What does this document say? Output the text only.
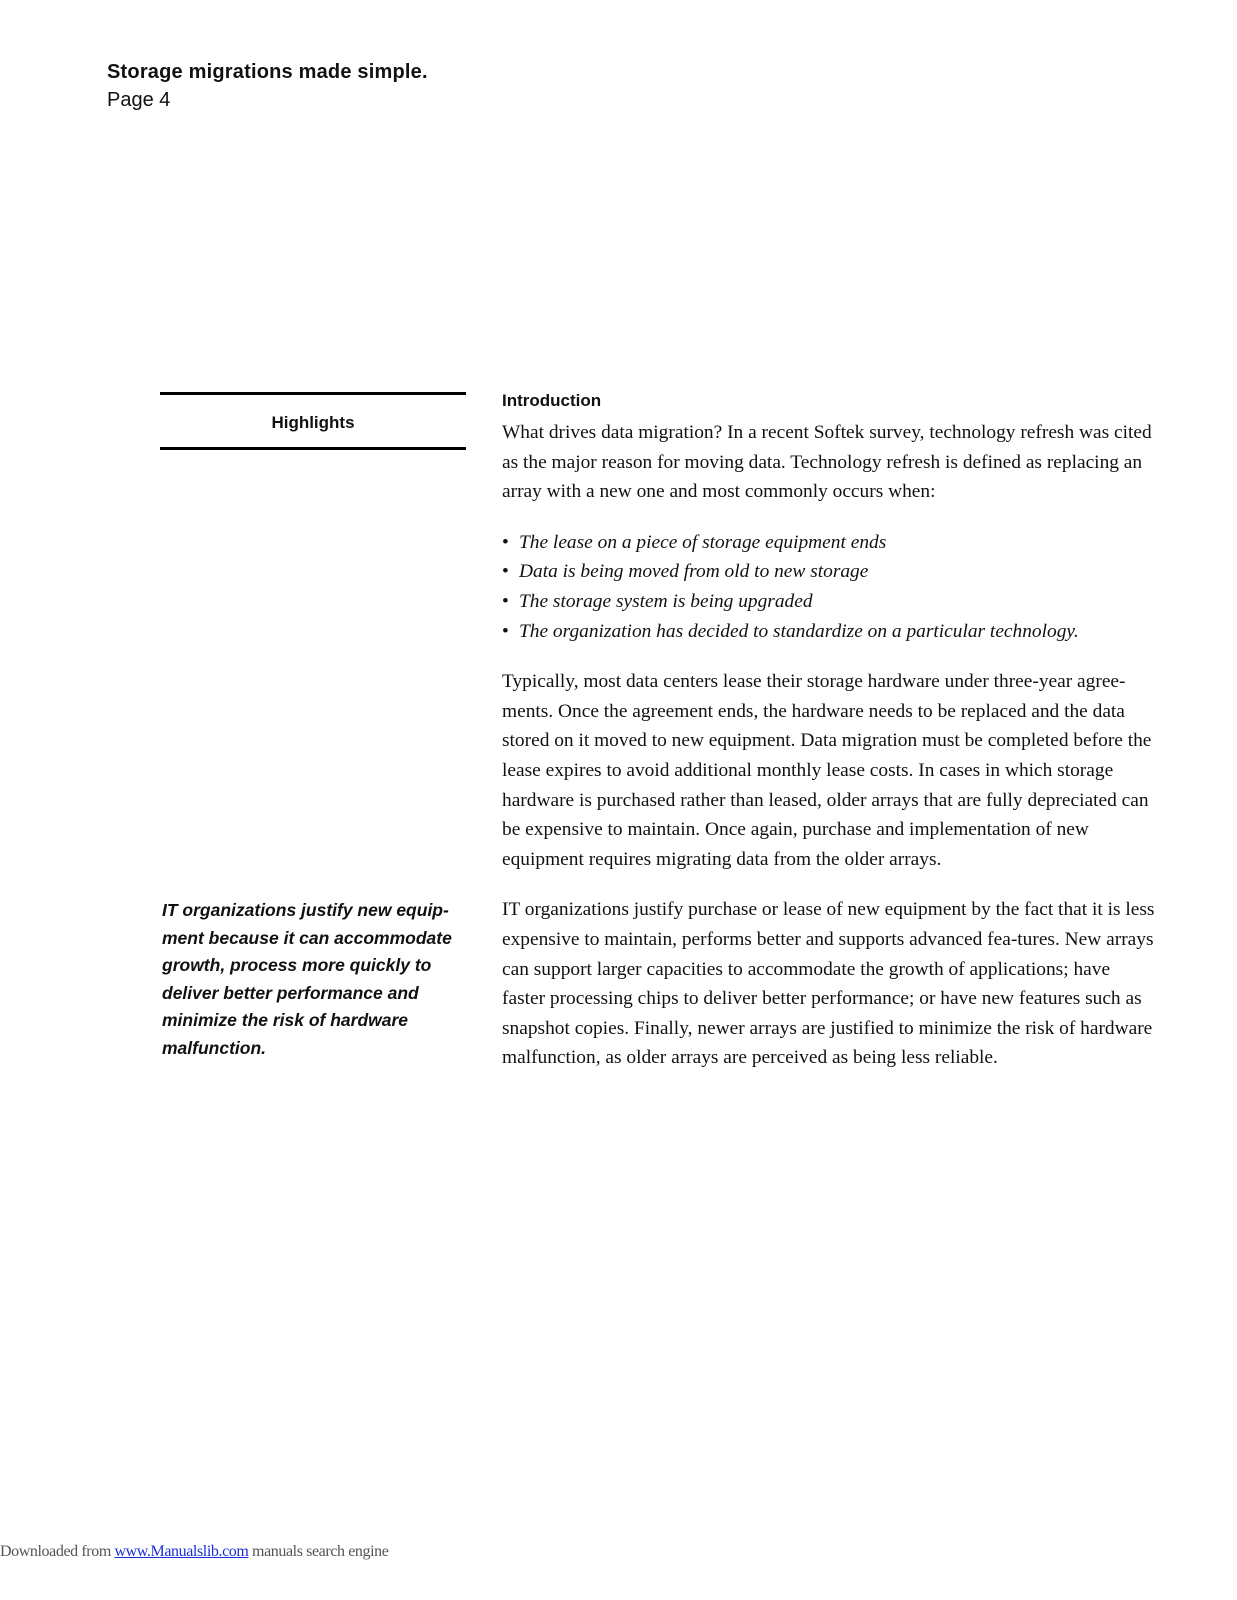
Storage migrations made simple.
Page 4
Highlights
IT organizations justify new equip-ment because it can accommodate growth, process more quickly to deliver better performance and minimize the risk of hardware malfunction.
Introduction

What drives data migration? In a recent Softek survey, technology refresh was cited as the major reason for moving data. Technology refresh is defined as replacing an array with a new one and most commonly occurs when:

• The lease on a piece of storage equipment ends
• Data is being moved from old to new storage
• The storage system is being upgraded
• The organization has decided to standardize on a particular technology.

Typically, most data centers lease their storage hardware under three-year agree-ments. Once the agreement ends, the hardware needs to be replaced and the data stored on it moved to new equipment. Data migration must be completed before the lease expires to avoid additional monthly lease costs. In cases in which storage hardware is purchased rather than leased, older arrays that are fully depreciated can be expensive to maintain. Once again, purchase and implementation of new equipment requires migrating data from the older arrays.

IT organizations justify purchase or lease of new equipment by the fact that it is less expensive to maintain, performs better and supports advanced fea-tures. New arrays can support larger capacities to accommodate the growth of applications; have faster processing chips to deliver better performance; or have new features such as snapshot copies. Finally, newer arrays are justified to minimize the risk of hardware malfunction, as older arrays are perceived as being less reliable.

Downloaded from www.Manualslib.com manuals search engine
